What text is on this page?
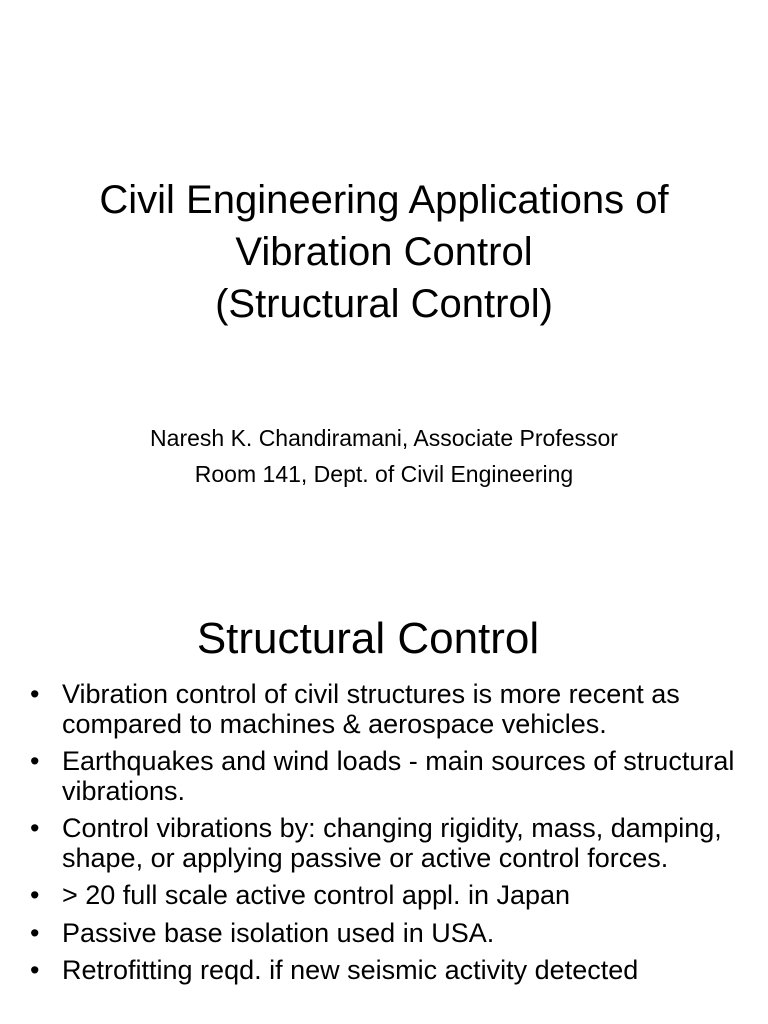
Civil Engineering Applications of
Vibration Control
(Structural Control)
Naresh K. Chandiramani, Associate Professor
Room 141, Dept. of Civil Engineering
Structural Control
• Vibration control of civil structures is more recent as compared to machines & aerospace vehicles.
• Earthquakes and wind loads - main sources of structural vibrations.
• Control vibrations by: changing rigidity, mass, damping, shape, or applying passive or active control forces.
• > 20 full scale active control appl. in Japan
• Passive base isolation used in USA.
• Retrofitting reqd. if new seismic activity detected
